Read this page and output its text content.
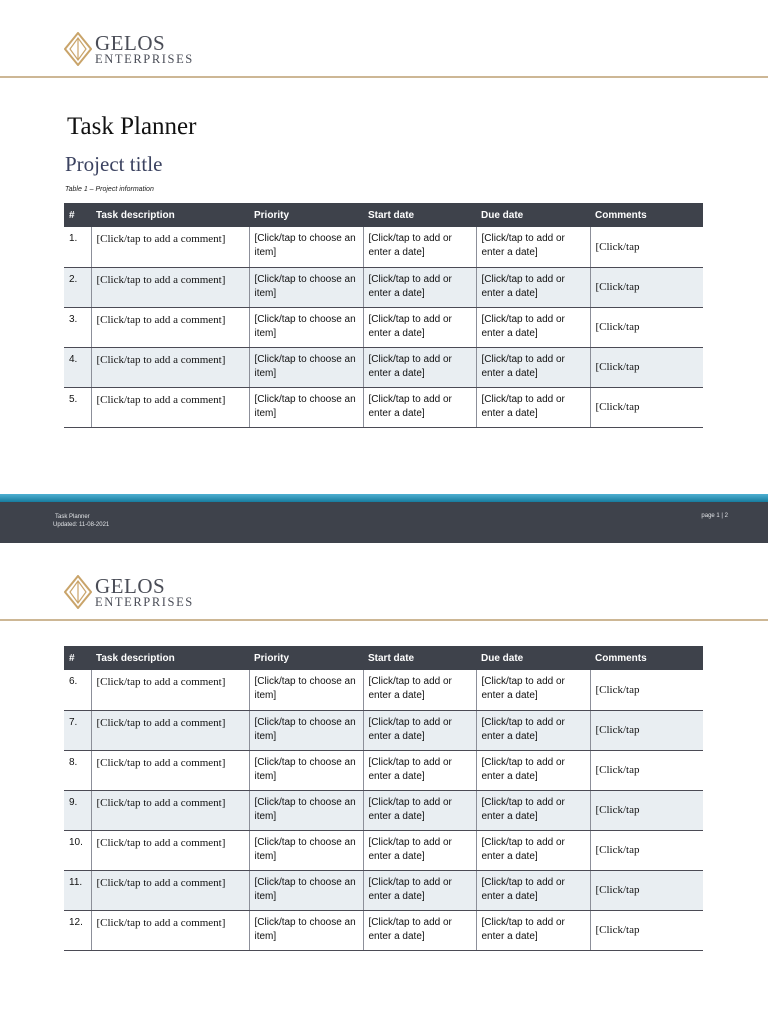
GELOS
ENTERPRISES
Task Planner
Project title
Table 1 – Project information
#	Task description	Priority	Start date	Due date	Comments
1.	[Click/tap to add a comment]	[Click/tap to choose an item]	[Click/tap to add or enter a date]	[Click/tap to add or enter a date]	[Click/tap
2.	[Click/tap to add a comment]	[Click/tap to choose an item]	[Click/tap to add or enter a date]	[Click/tap to add or enter a date]	[Click/tap
3.	[Click/tap to add a comment]	[Click/tap to choose an item]	[Click/tap to add or enter a date]	[Click/tap to add or enter a date]	[Click/tap
4.	[Click/tap to add a comment]	[Click/tap to choose an item]	[Click/tap to add or enter a date]	[Click/tap to add or enter a date]	[Click/tap
5.	[Click/tap to add a comment]	[Click/tap to choose an item]	[Click/tap to add or enter a date]	[Click/tap to add or enter a date]	[Click/tap
Task Planner
Updated: 11-08-2021
page 1 | 2
GELOS
ENTERPRISES
#	Task description	Priority	Start date	Due date	Comments
6.	[Click/tap to add a comment]	[Click/tap to choose an item]	[Click/tap to add or enter a date]	[Click/tap to add or enter a date]	[Click/tap
7.	[Click/tap to add a comment]	[Click/tap to choose an item]	[Click/tap to add or enter a date]	[Click/tap to add or enter a date]	[Click/tap
8.	[Click/tap to add a comment]	[Click/tap to choose an item]	[Click/tap to add or enter a date]	[Click/tap to add or enter a date]	[Click/tap
9.	[Click/tap to add a comment]	[Click/tap to choose an item]	[Click/tap to add or enter a date]	[Click/tap to add or enter a date]	[Click/tap
10.	[Click/tap to add a comment]	[Click/tap to choose an item]	[Click/tap to add or enter a date]	[Click/tap to add or enter a date]	[Click/tap
11.	[Click/tap to add a comment]	[Click/tap to choose an item]	[Click/tap to add or enter a date]	[Click/tap to add or enter a date]	[Click/tap
12.	[Click/tap to add a comment]	[Click/tap to choose an item]	[Click/tap to add or enter a date]	[Click/tap to add or enter a date]	[Click/tap
